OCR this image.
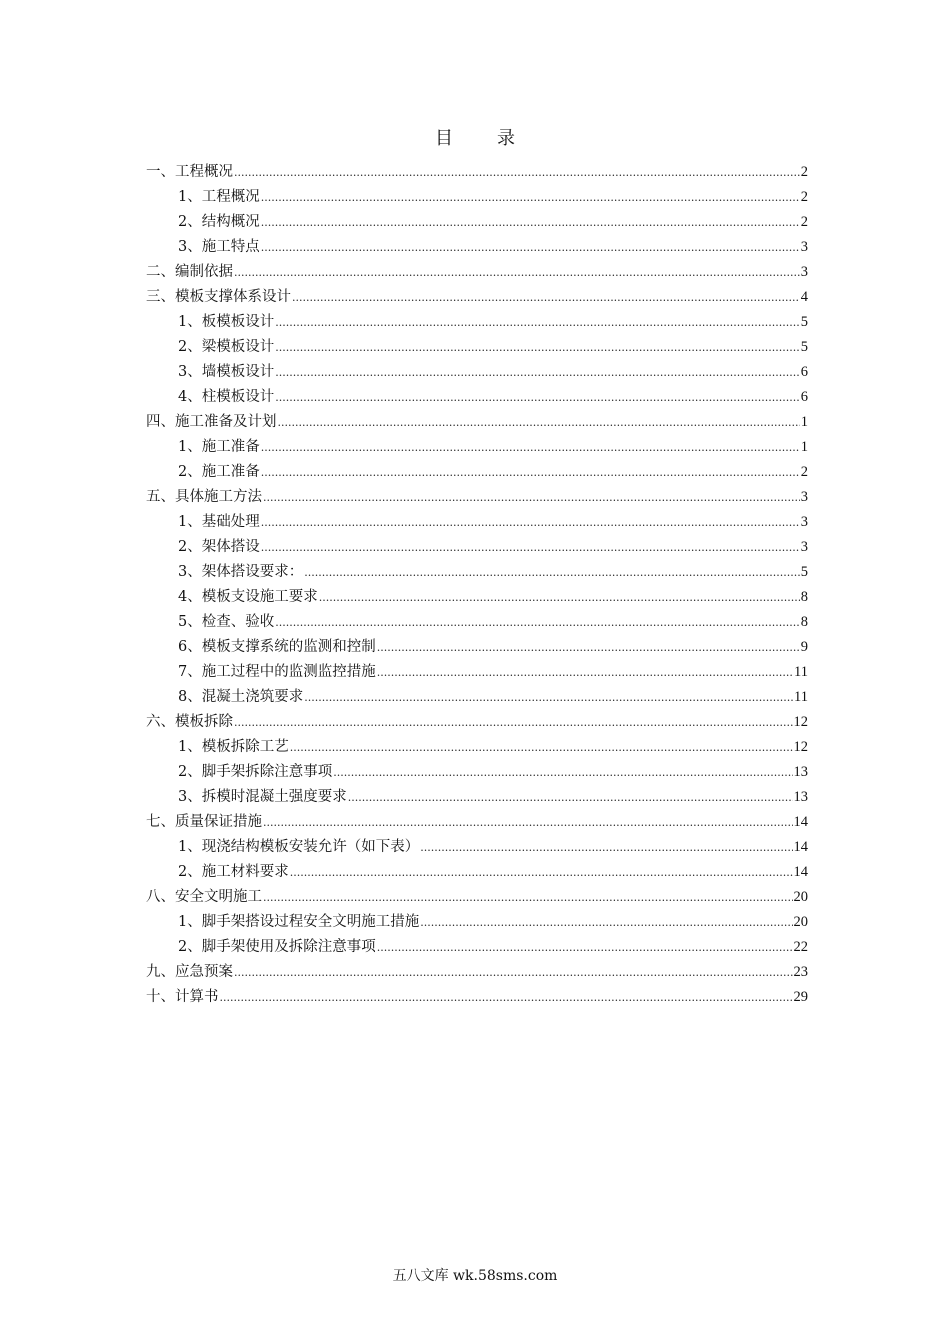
目 录
一、工程概况 .....	2
1、工程概况 .....	2
2、结构概况 .....	2
3、施工特点 .....	3
二、编制依据 .....	3
三、模板支撑体系设计 .....	4
1、板模板设计 .....	5
2、梁模板设计 .....	5
3、墙模板设计 .....	6
4、柱模板设计 .....	6
四、施工准备及计划 .....	1
1、施工准备 .....	1
2、施工准备 .....	2
五、具体施工方法 .....	3
1、基础处理 .....	3
2、架体搭设 .....	3
3、架体搭设要求： .....	5
4、模板支设施工要求 .....	8
5、检查、验收 .....	8
6、模板支撑系统的监测和控制 .....	9
7、施工过程中的监测监控措施 .....	11
8、混凝土浇筑要求 .....	11
六、模板拆除 .....	12
1、模板拆除工艺 .....	12
2、脚手架拆除注意事项 .....	13
3、拆模时混凝土强度要求 .....	13
七、质量保证措施 .....	14
1、现浇结构模板安装允许（如下表） .....	14
2、施工材料要求 .....	14
八、安全文明施工 .....	20
1、脚手架搭设过程安全文明施工措施 .....	20
2、脚手架使用及拆除注意事项 .....	22
九、应急预案 .....	23
十、计算书 .....	29
五八文库 wk.58sms.com
